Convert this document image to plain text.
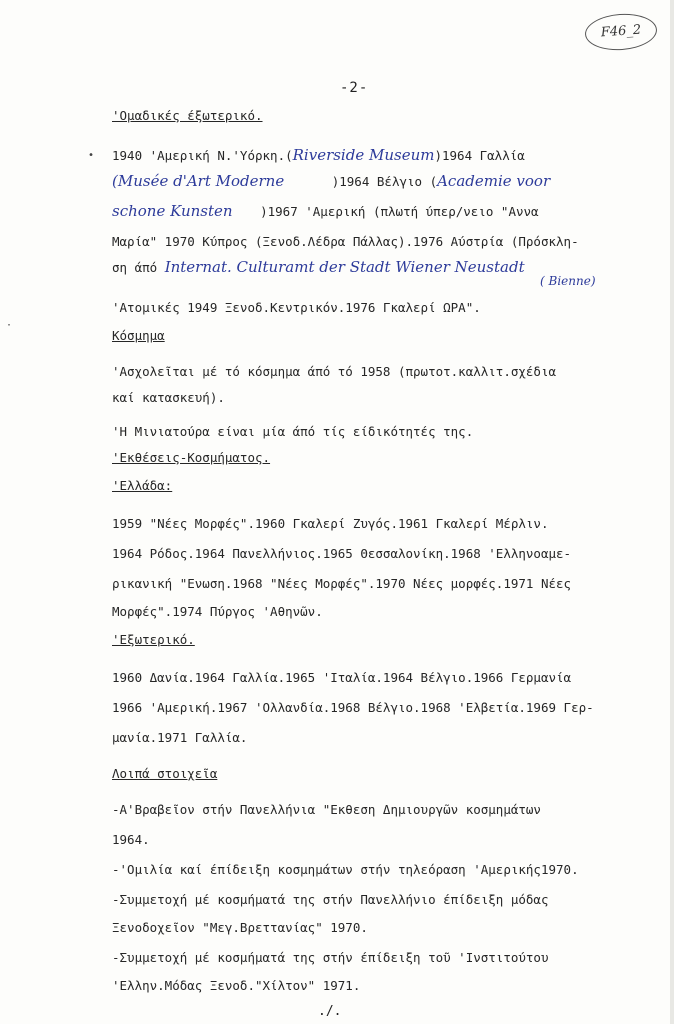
F46_2
-2-
•
·
'Ομαδικές έξωτερικό.
1940 'Αμερική Ν.'Υόρκη.(Riverside Museum)1964 Γαλλία
(Musée d'Art Moderne	)1964 Βέλγιο (Academie voor
schone Kunsten )1967 'Αμερική (πλωτή ύπερ/νειο "Αννα
Μαρία" 1970 Κύπρος (Ξενοδ.Λέδρα Πάλλας).1976 Αύστρία (Πρόσκλη-
ση άπό Internat. Culturamt der Stadt Wiener Neustadt
( Bienne)
'Ατομικές 1949 Ξενοδ.Κεντρικόν.1976 Γκαλερί ΩΡΑ".
Κόσμημα
'Ασχολεῖται μέ τό κόσμημα άπό τό 1958 (πρωτοτ.καλλιτ.σχέδια
καί κατασκευή).
'Η Μινιατούρα είναι μία άπό τίς είδικότητές της.
'Εκθέσεις-Κοσμήματος.
'Ελλάδα:
1959 "Νέες Μορφές".1960 Γκαλερί Ζυγός.1961 Γκαλερί Μέρλιν.
1964 Ρόδος.1964 Πανελλήνιος.1965 Θεσσαλονίκη.1968 'Ελληνοαμε-
ρικανική "Ενωση.1968 "Νέες Μορφές".1970 Νέες μορφές.1971 Νέες
Μορφές".1974 Πύργος 'Αθηνῶν.
'Εξωτερικό.
1960 Δανία.1964 Γαλλία.1965 'Ιταλία.1964 Βέλγιο.1966 Γερμανία
1966 'Αμερική.1967 'Ολλανδία.1968 Βέλγιο.1968 'Ελβετία.1969 Γερ-
μανία.1971 Γαλλία.
Λοιπά στοιχεῖα
-Α'Βραβεῖον στήν Πανελλήνια "Εκθεση Δημιουργῶν κοσμημάτων
1964.
-'Ομιλία καί έπίδειξη κοσμημάτων στήν τηλεόραση 'Αμερικής1970.
-Συμμετοχή μέ κοσμήματά της στήν Πανελλήνιο έπίδειξη μόδας
Ξενοδοχεῖον "Μεγ.Βρεττανίας" 1970.
-Συμμετοχή μέ κοσμήματά της στήν έπίδειξη τοῦ 'Ινστιτούτου
'Ελλην.Μόδας Ξενοδ."Χίλτον" 1971.
./.
